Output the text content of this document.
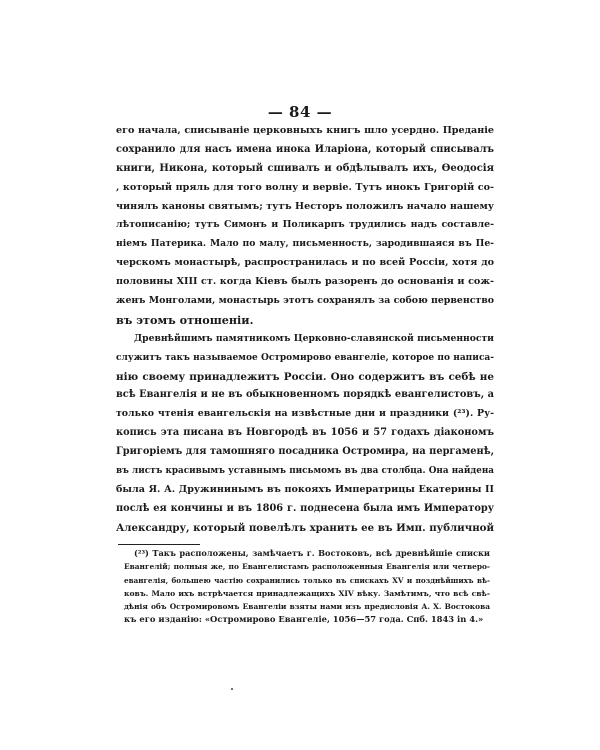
— 84 —
его начала, списыванiе церковныхъ книгъ шло усердно. Преданiе
сохранило для насъ имена инока Иларiона, который списывалъ
книги, Никона, который сшивалъ и обдѣлывалъ ихъ, Ѳеодосiя
, который пряль для того волну и вервiе. Тутъ инокъ Григорiй со-
чинялъ каноны святымъ; тутъ Несторъ положилъ начало нашему
лѣтописанiю; тутъ Симонъ и Поликарпъ трудились надъ составле-
нiемъ Патерика. Мало по малу, письменность, зародившаяся въ Пе-
черскомъ монастырѣ, распространилась и по всей Россiи, хотя до
половины XIII ст. когда Кiевъ былъ разоренъ до основанiя и сож-
женъ Монголами, монастырь этотъ сохранялъ за собою первенство
въ этомъ отношенiи.
Древнѣйшимъ памятникомъ Церковно-славянской письменности
служитъ такъ называемое Остромирово евангелiе, которое по написа-
нiю своему принадлежитъ Россiи. Оно содержитъ въ себѣ не
всѣ Евангелiя и не въ обыкновенномъ порядкѣ евангелистовъ, а
только чтенiя евангельскiя на извѣстные дни и праздники (²³). Ру-
копись эта писана въ Новгородѣ въ 1056 и 57 годахъ дiакономъ
Григорiемъ для тамошняго посадника Остромира, на пергаменѣ,
въ листъ красивымъ уставнымъ письмомъ въ два столбца. Она найдена
была Я. А. Дружининымъ въ покояхъ Императрицы Екатерины II
послѣ ея кончины и въ 1806 г. поднесена была имъ Императору
Александру, который повелѣлъ хранить ее въ Имп. публичной
(²³) Такъ расположены, замѣчаетъ г. Востоковъ, всѣ древнѣйшiе списки
Евангелiй; полныя же, по Евангелистамъ расположенныя Евангелiя или четверо-
евангелiя, большею частiю сохранились только въ спискахъ XV и позднѣйшихъ вѣ-
ковъ. Мало ихъ встрѣчается принадлежащихъ XIV вѣку. Замѣтимъ, что всѣ свѣ-
дѣнiя объ Остромировомъ Евангелiи взяты нами изъ предисловiя А. Х. Востокова
къ его изданiю: «Остромирово Евангелiе, 1056—57 года. Спб. 1843 in 4.»
